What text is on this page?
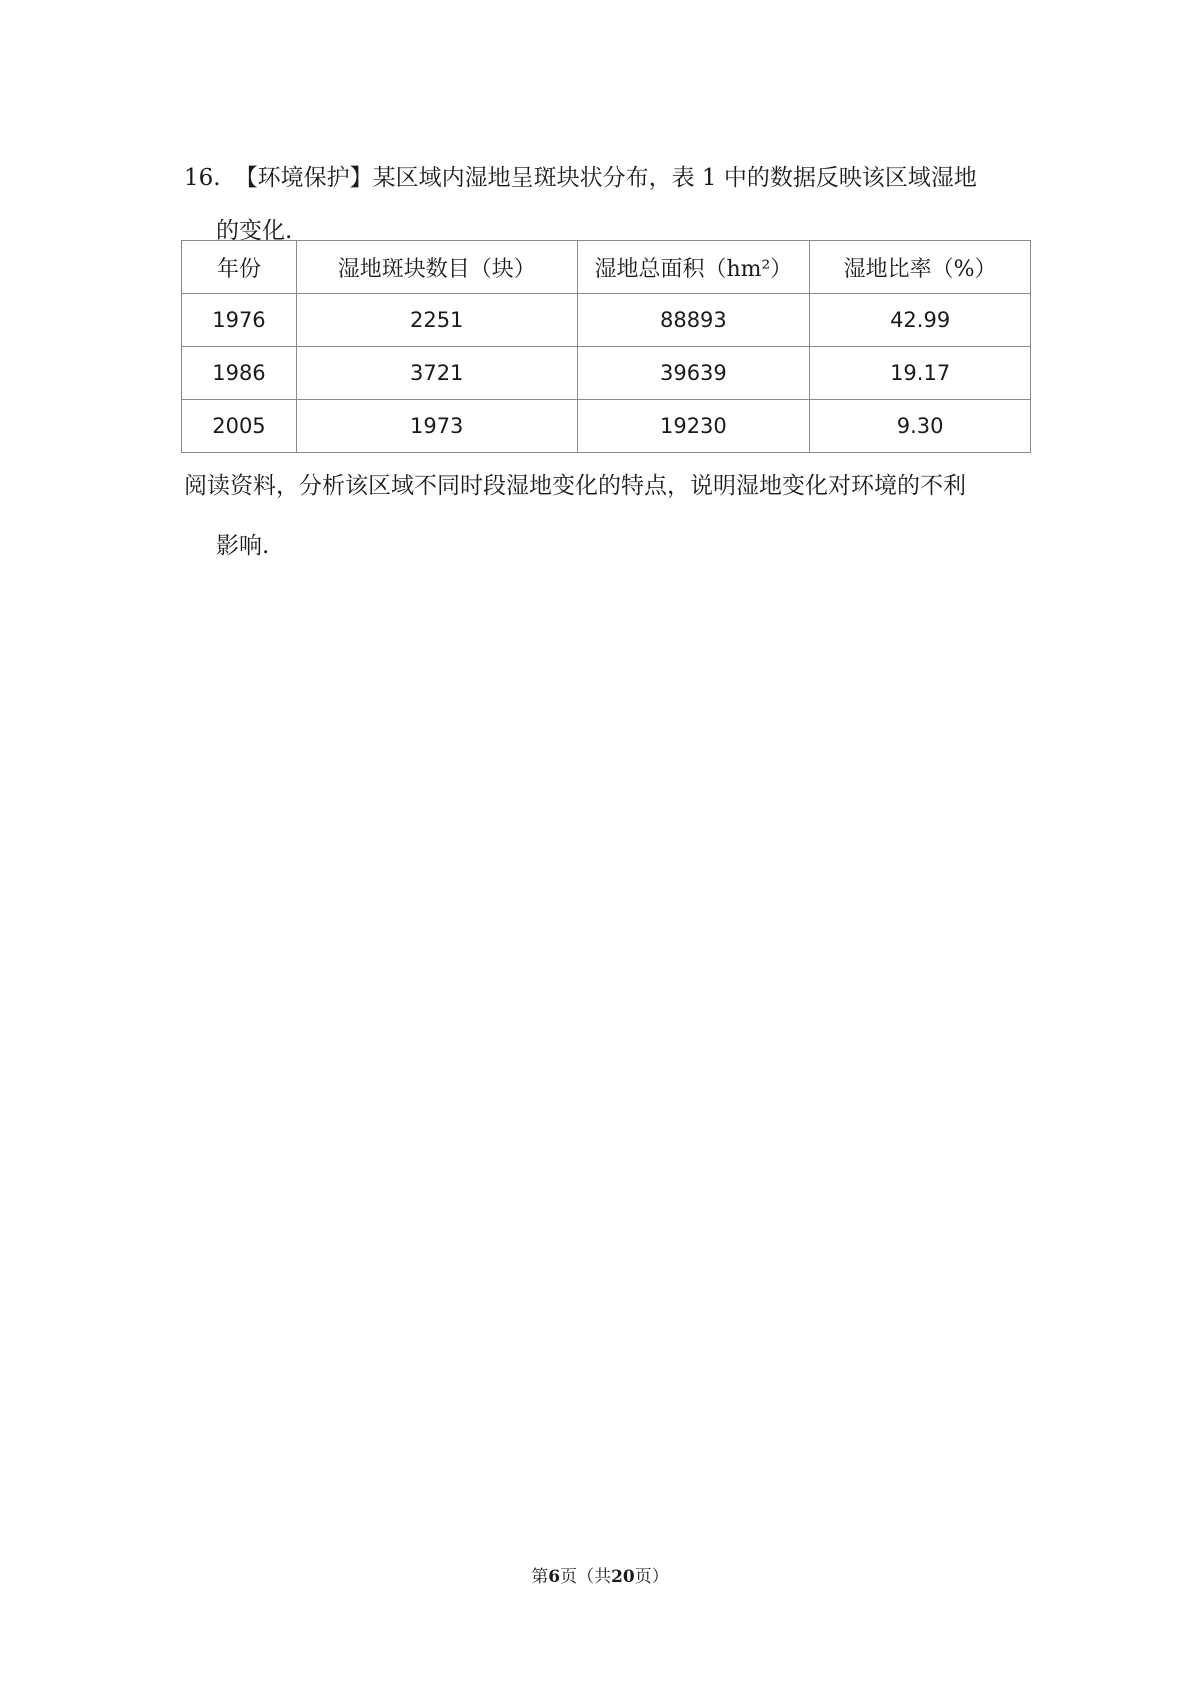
16. 【环境保护】某区域内湿地呈斑块状分布，表 1 中的数据反映该区域湿地
的变化.
年份	湿地斑块数目（块）	湿地总面积（hm²）	湿地比率（%）
1976	2251	88893	42.99
1986	3721	39639	19.17
2005	1973	19230	9.30
阅读资料，分析该区域不同时段湿地变化的特点，说明湿地变化对环境的不利
影响.
第6页（共20页）
